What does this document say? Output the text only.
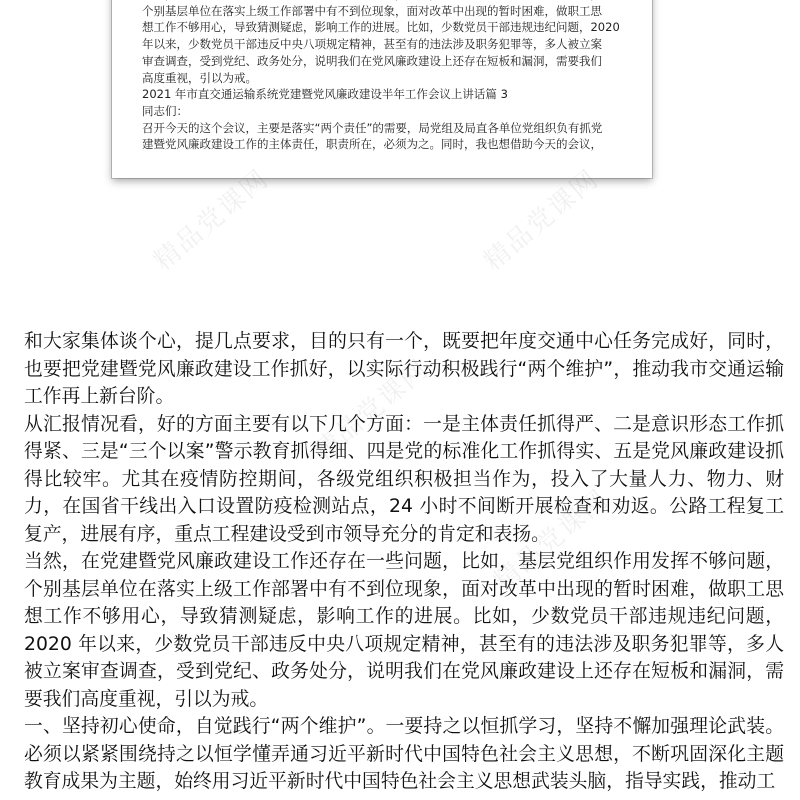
个别基层单位在落实上级工作部署中有不到位现象，面对改革中出现的暂时困难，做职工思

想工作不够用心，导致猜测疑虑，影响工作的进展。比如，少数党员干部违规违纪问题，2020

年以来，少数党员干部违反中央八项规定精神，甚至有的违法涉及职务犯罪等，多人被立案

审查调查，受到党纪、政务处分，说明我们在党风廉政建设上还存在短板和漏洞，需要我们

高度重视，引以为戒。

2021 年市直交通运输系统党建暨党风廉政建设半年工作会议上讲话篇 3

同志们：

召开今天的这个会议，主要是落实“两个责任”的需要，局党组及局直各单位党组织负有抓党

建暨党风廉政建设工作的主体责任，职责所在，必须为之。同时，我也想借助今天的会议，

精品党课网	精品党课网
精品党课网
精品党课网

和大家集体谈个心，提几点要求，目的只有一个，既要把年度交通中心任务完成好，同时，也要把党建暨党风廉政建设工作抓好，以实际行动积极践行“两个维护”，推动我市交通运输工作再上新台阶。

从汇报情况看，好的方面主要有以下几个方面：一是主体责任抓得严、二是意识形态工作抓得紧、三是“三个以案”警示教育抓得细、四是党的标准化工作抓得实、五是党风廉政建设抓得比较牢。尤其在疫情防控期间，各级党组织积极担当作为，投入了大量人力、物力、财力，在国省干线出入口设置防疫检测站点，24 小时不间断开展检查和劝返。公路工程复工复产，进展有序，重点工程建设受到市领导充分的肯定和表扬。

当然，在党建暨党风廉政建设工作还存在一些问题，比如，基层党组织作用发挥不够问题，个别基层单位在落实上级工作部署中有不到位现象，面对改革中出现的暂时困难，做职工思想工作不够用心，导致猜测疑虑，影响工作的进展。比如，少数党员干部违规违纪问题，2020 年以来，少数党员干部违反中央八项规定精神，甚至有的违法涉及职务犯罪等，多人被立案审查调查，受到党纪、政务处分，说明我们在党风廉政建设上还存在短板和漏洞，需要我们高度重视，引以为戒。

一、坚持初心使命，自觉践行“两个维护”。一要持之以恒抓学习，坚持不懈加强理论武装。必须以紧紧围绕持之以恒学懂弄通习近平新时代中国特色社会主义思想，不断巩固深化主题教育成果为主题，始终用习近平新时代中国特色社会主义思想武装头脑，指导实践，推动工
